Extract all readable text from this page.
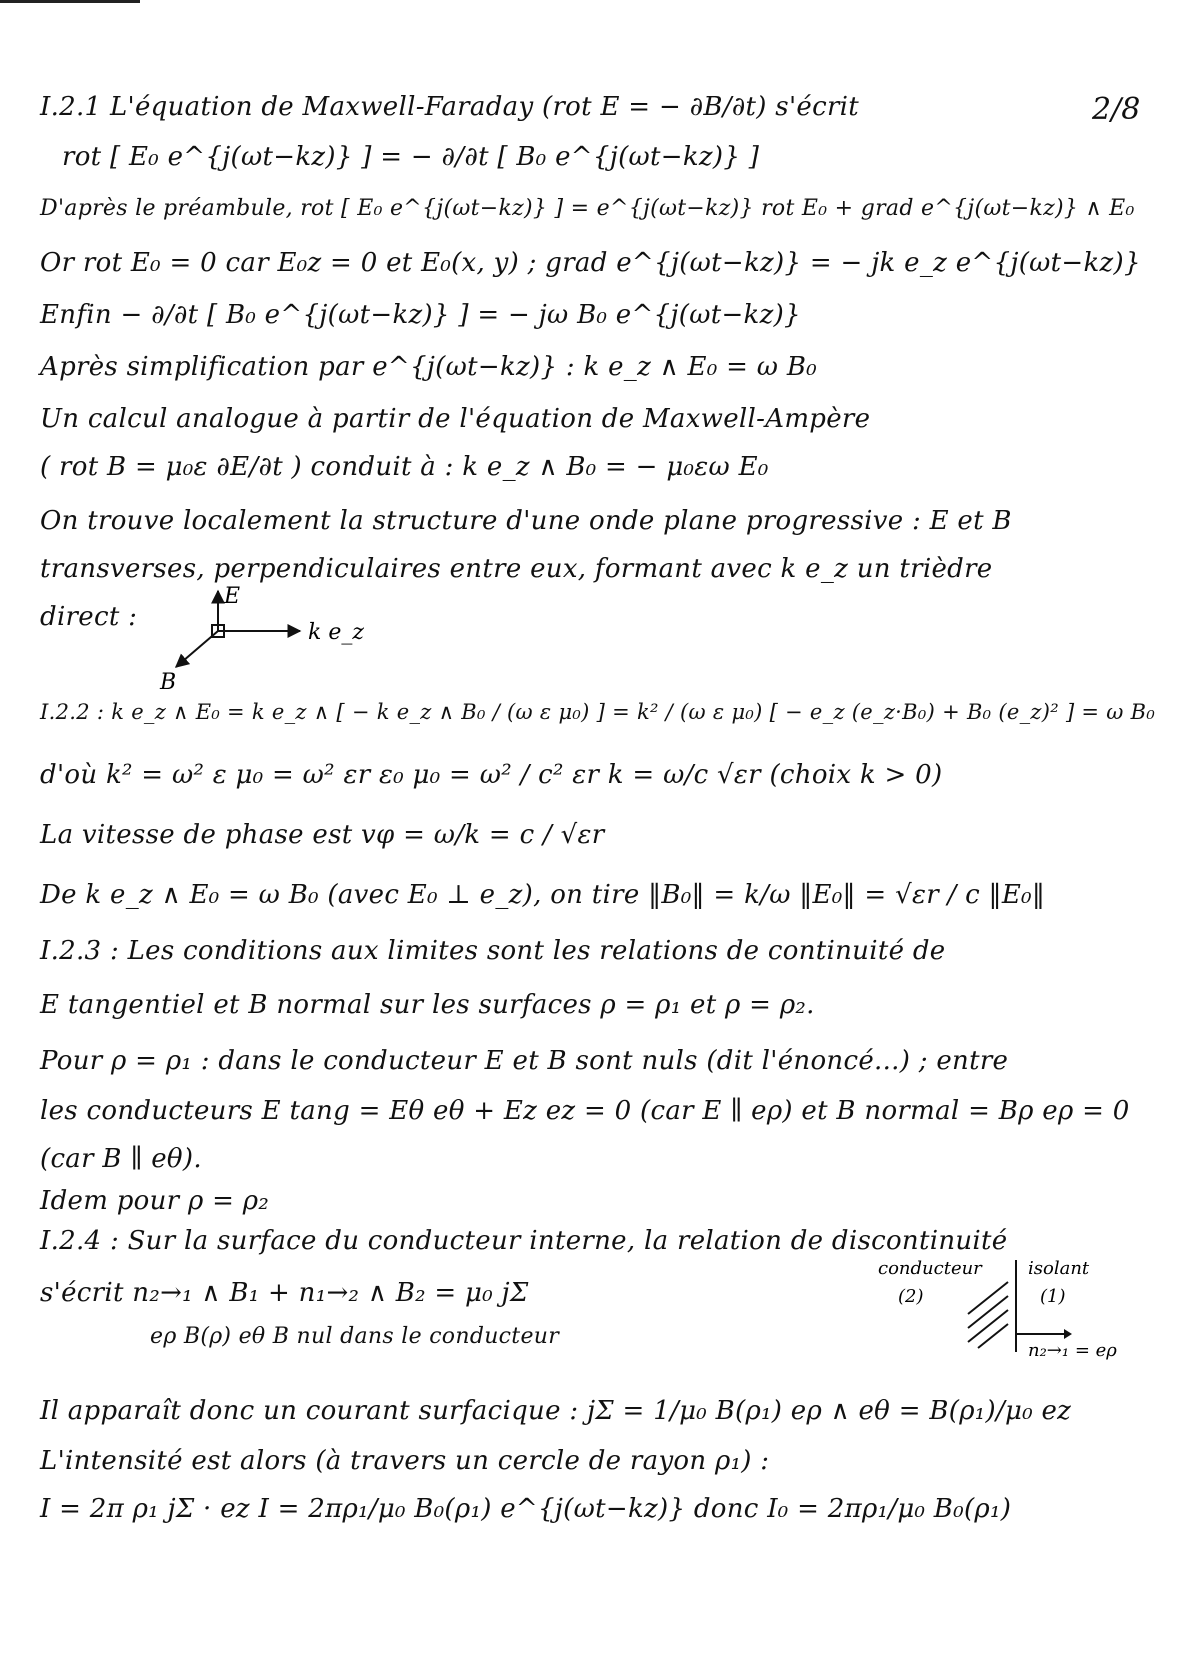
2/8
I.2.1 L'équation de Maxwell-Faraday (rot E = − ∂B/∂t) s'écrit
rot [ E₀ e^{j(ωt−kz)} ] = − ∂/∂t [ B₀ e^{j(ωt−kz)} ]
D'après le préambule, rot [ E₀ e^{j(ωt−kz)} ] = e^{j(ωt−kz)} rot E₀ + grad e^{j(ωt−kz)} ∧ E₀
Or rot E₀ = 0 car E₀z = 0 et E₀(x, y) ; grad e^{j(ωt−kz)} = − jk e_z e^{j(ωt−kz)}
Enfin − ∂/∂t [ B₀ e^{j(ωt−kz)} ] = − jω B₀ e^{j(ωt−kz)}
Après simplification par e^{j(ωt−kz)} : k e_z ∧ E₀ = ω B₀
Un calcul analogue à partir de l'équation de Maxwell-Ampère
( rot B = μ₀ε ∂E/∂t ) conduit à : k e_z ∧ B₀ = − μ₀εω E₀
On trouve localement la structure d'une onde plane progressive : E et B
transverses, perpendiculaires entre eux, formant avec k e_z un trièdre
direct :
E
k e_z
B
I.2.2 : k e_z ∧ E₀ = k e_z ∧ [ − k e_z ∧ B₀ / (ω ε μ₀) ] = k² / (ω ε μ₀) [ − e_z (e_z·B₀) + B₀ (e_z)² ] = ω B₀
d'où k² = ω² ε μ₀ = ω² εr ε₀ μ₀ = ω² / c² εr k = ω/c √εr (choix k > 0)
La vitesse de phase est vφ = ω/k = c / √εr
De k e_z ∧ E₀ = ω B₀ (avec E₀ ⊥ e_z), on tire ‖B₀‖ = k/ω ‖E₀‖ = √εr / c ‖E₀‖
I.2.3 : Les conditions aux limites sont les relations de continuité de
E tangentiel et B normal sur les surfaces ρ = ρ₁ et ρ = ρ₂.
Pour ρ = ρ₁ : dans le conducteur E et B sont nuls (dit l'énoncé...) ; entre
les conducteurs E tang = Eθ eθ + Ez ez = 0 (car E ∥ eρ) et B normal = Bρ eρ = 0
(car B ∥ eθ).
Idem pour ρ = ρ₂
I.2.4 : Sur la surface du conducteur interne, la relation de discontinuité
s'écrit n₂→₁ ∧ B₁ + n₁→₂ ∧ B₂ = μ₀ jΣ
eρ B(ρ) eθ B nul dans le conducteur
conducteur
(2)
isolant
(1)
n₂→₁ = eρ
Il apparaît donc un courant surfacique : jΣ = 1/μ₀ B(ρ₁) eρ ∧ eθ = B(ρ₁)/μ₀ ez
L'intensité est alors (à travers un cercle de rayon ρ₁) :
I = 2π ρ₁ jΣ · ez I = 2πρ₁/μ₀ B₀(ρ₁) e^{j(ωt−kz)} donc I₀ = 2πρ₁/μ₀ B₀(ρ₁)
